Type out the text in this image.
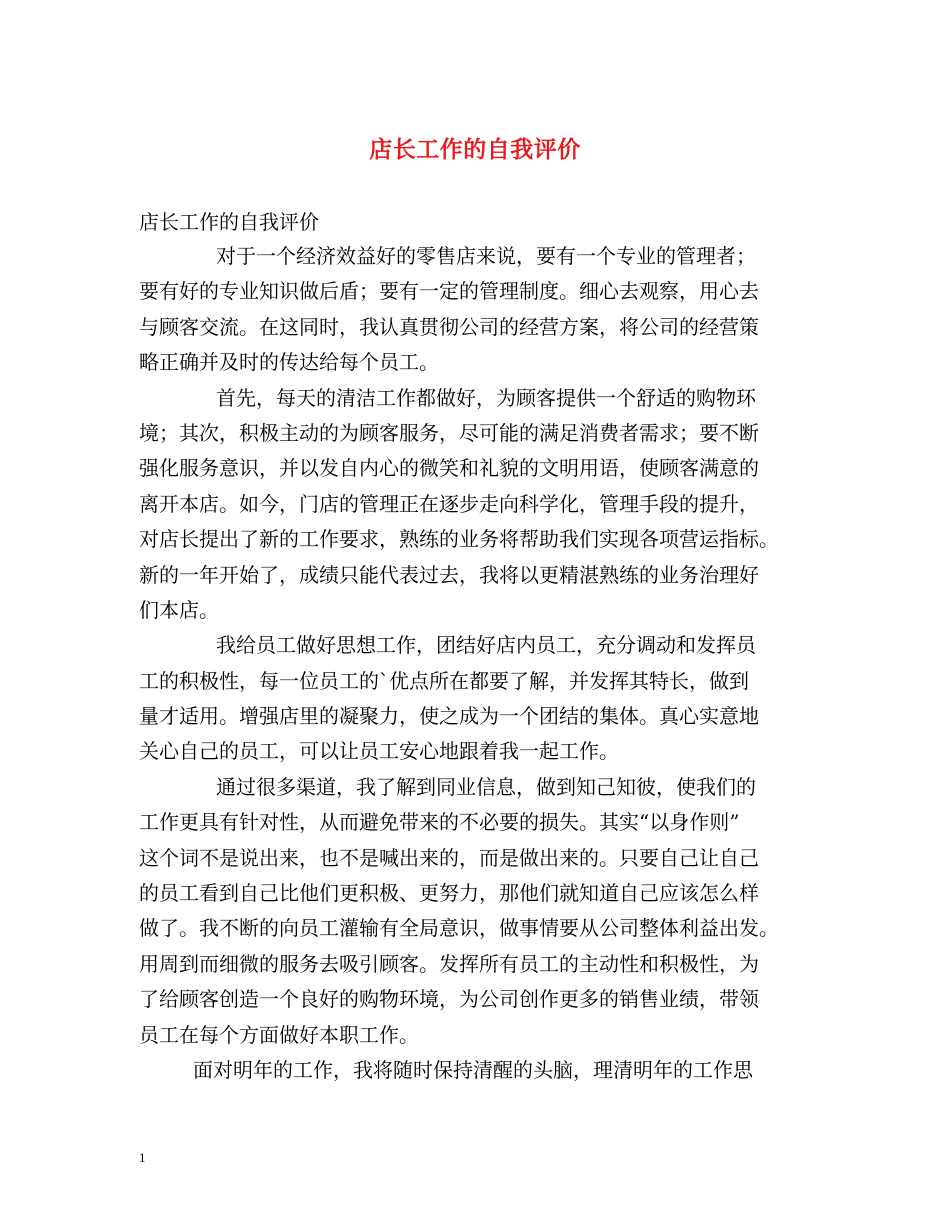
店长工作的自我评价
店长工作的自我评价
对于一个经济效益好的零售店来说，要有一个专业的管理者；
要有好的专业知识做后盾；要有一定的管理制度。细心去观察，用心去
与顾客交流。在这同时，我认真贯彻公司的经营方案，将公司的经营策
略正确并及时的传达给每个员工。
首先，每天的清洁工作都做好，为顾客提供一个舒适的购物环
境；其次，积极主动的为顾客服务，尽可能的满足消费者需求；要不断
强化服务意识，并以发自内心的微笑和礼貌的文明用语，使顾客满意的
离开本店。如今，门店的管理正在逐步走向科学化，管理手段的提升，
对店长提出了新的工作要求，熟练的业务将帮助我们实现各项营运指标。
新的一年开始了，成绩只能代表过去，我将以更精湛熟练的业务治理好
们本店。
我给员工做好思想工作，团结好店内员工，充分调动和发挥员
工的积极性，每一位员工的`优点所在都要了解，并发挥其特长，做到
量才适用。增强店里的凝聚力，使之成为一个团结的集体。真心实意地
关心自己的员工，可以让员工安心地跟着我一起工作。
通过很多渠道，我了解到同业信息，做到知己知彼，使我们的
工作更具有针对性，从而避免带来的不必要的损失。其实“以身作则”
这个词不是说出来，也不是喊出来的，而是做出来的。只要自己让自己
的员工看到自己比他们更积极、更努力，那他们就知道自己应该怎么样
做了。我不断的向员工灌输有全局意识，做事情要从公司整体利益出发。
用周到而细微的服务去吸引顾客。发挥所有员工的主动性和积极性，为
了给顾客创造一个良好的购物环境，为公司创作更多的销售业绩，带领
员工在每个方面做好本职工作。
面对明年的工作，我将随时保持清醒的头脑，理清明年的工作思
1
